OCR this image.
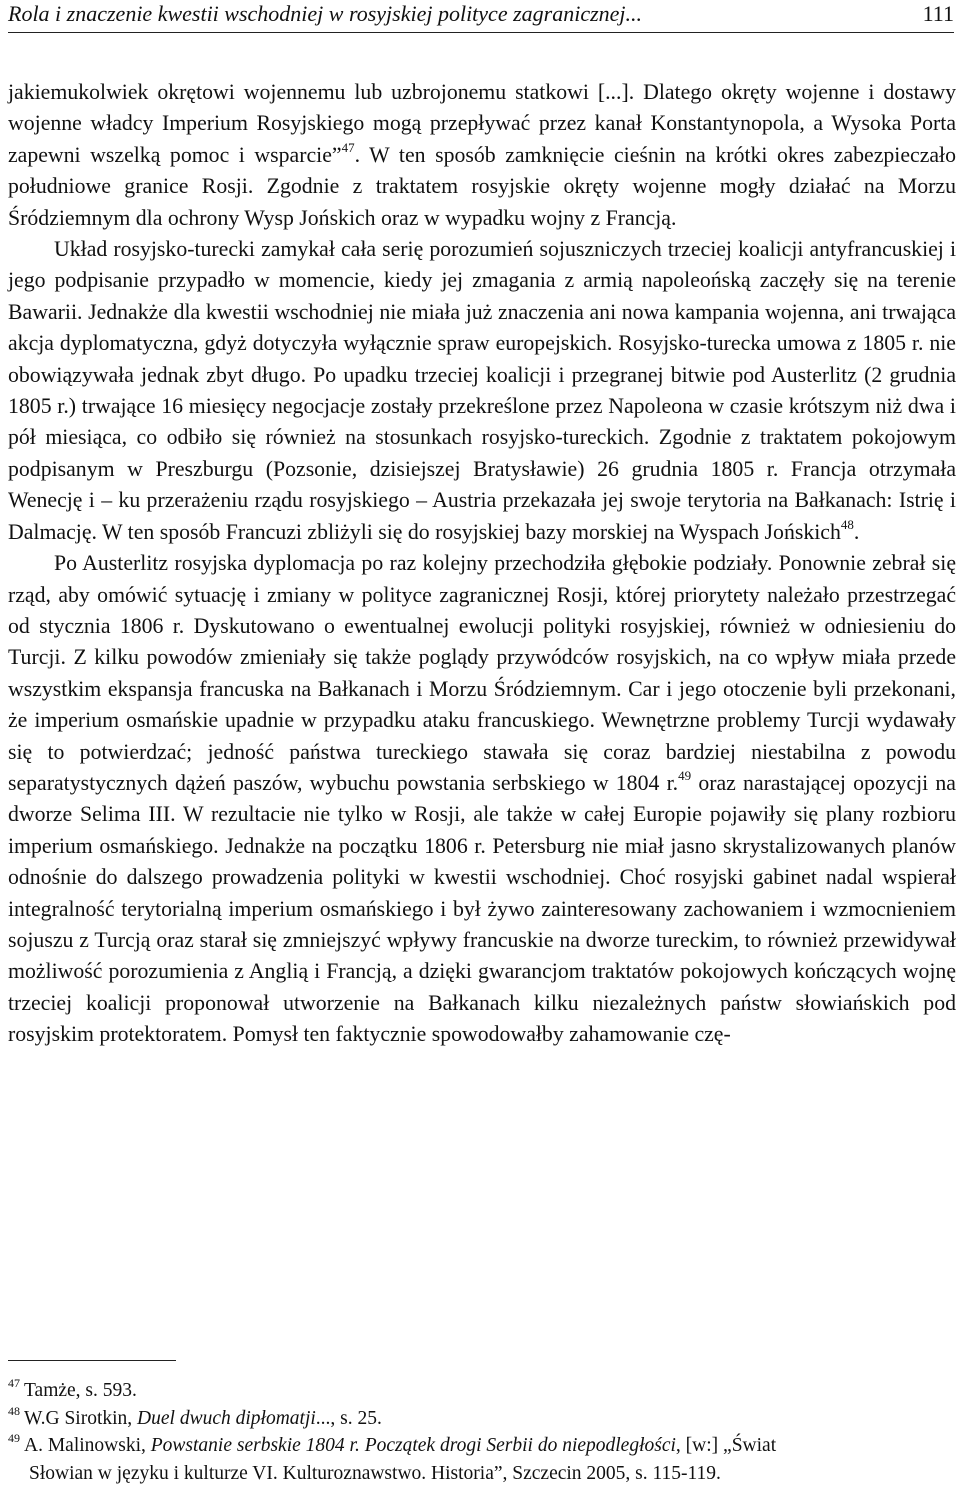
Rola i znaczenie kwestii wschodniej w rosyjskiej polityce zagranicznej...	111

jakiemukolwiek okrętowi wojennemu lub uzbrojonemu statkowi [...]. Dlatego okręty wojenne i dostawy wojenne władcy Imperium Rosyjskiego mogą przepływać przez kanał Konstantynopola, a Wysoka Porta zapewni wszelką pomoc i wsparcie”$^{47}$. W ten sposób zamknięcie cieśnin na krótki okres zabezpieczało południowe granice Rosji. Zgodnie z traktatem rosyjskie okręty wojenne mogły działać na Morzu Śródziemnym dla ochrony Wysp Jońskich oraz w wypadku wojny z Francją.

Układ rosyjsko-turecki zamykał cała serię porozumień sojuszniczych trzeciej koalicji antyfrancuskiej i jego podpisanie przypadło w momencie, kiedy jej zmagania z armią napoleońską zaczęły się na terenie Bawarii. Jednakże dla kwestii wschodniej nie miała już znaczenia ani nowa kampania wojenna, ani trwająca akcja dyplomatyczna, gdyż dotyczyła wyłącznie spraw europejskich. Rosyjsko-turecka umowa z 1805 r. nie obowiązywała jednak zbyt długo. Po upadku trzeciej koalicji i przegranej bitwie pod Austerlitz (2 grudnia 1805 r.) trwające 16 miesięcy negocjacje zostały przekreślone przez Napoleona w czasie krótszym niż dwa i pół miesiąca, co odbiło się również na stosunkach rosyjsko-tureckich. Zgodnie z traktatem pokojowym podpisanym w Preszburgu (Pozsonie, dzisiejszej Bratysławie) 26 grudnia 1805 r. Francja otrzymała Wenecję i – ku przerażeniu rządu rosyjskiego – Austria przekazała jej swoje terytoria na Bałkanach: Istrię i Dalmację. W ten sposób Francuzi zbliżyli się do rosyjskiej bazy morskiej na Wyspach Jońskich$^{48}$.

Po Austerlitz rosyjska dyplomacja po raz kolejny przechodziła głębokie podziały. Ponownie zebrał się rząd, aby omówić sytuację i zmiany w polityce zagranicznej Rosji, której priorytety należało przestrzegać od stycznia 1806 r. Dyskutowano o ewentualnej ewolucji polityki rosyjskiej, również w odniesieniu do Turcji. Z kilku powodów zmieniały się także poglądy przywódców rosyjskich, na co wpływ miała przede wszystkim ekspansja francuska na Bałkanach i Morzu Śródziemnym. Car i jego otoczenie byli przekonani, że imperium osmańskie upadnie w przypadku ataku francuskiego. Wewnętrzne problemy Turcji wydawały się to potwierdzać; jedność państwa tureckiego stawała się coraz bardziej niestabilna z powodu separatystycznych dążeń paszów, wybuchu powstania serbskiego w 1804 r.$^{49}$ oraz narastającej opozycji na dworze Selima III. W rezultacie nie tylko w Rosji, ale także w całej Europie pojawiły się plany rozbioru imperium osmańskiego. Jednakże na początku 1806 r. Petersburg nie miał jasno skrystalizowanych planów odnośnie do dalszego prowadzenia polityki w kwestii wschodniej. Choć rosyjski gabinet nadal wspierał integralność terytorialną imperium osmańskiego i był żywo zainteresowany zachowaniem i wzmocnieniem sojuszu z Turcją oraz starał się zmniejszyć wpływy francuskie na dworze tureckim, to również przewidywał możliwość porozumienia z Anglią i Francją, a dzięki gwarancjom traktatów pokojowych kończących wojnę trzeciej koalicji proponował utworzenie na Bałkanach kilku niezależnych państw słowiańskich pod rosyjskim protektoratem. Pomysł ten faktycznie spowodowałby zahamowanie czę-

$^{47}$ Tamże, s. 593.
$^{48}$ W.G Sirotkin, Duel dwuch dipłomatji..., s. 25.
$^{49}$ A. Malinowski, Powstanie serbskie 1804 r. Początek drogi Serbii do niepodległości, [w:] „Świat
Słowian w języku i kulturze VI. Kulturoznawstwo. Historia”, Szczecin 2005, s. 115-119.
